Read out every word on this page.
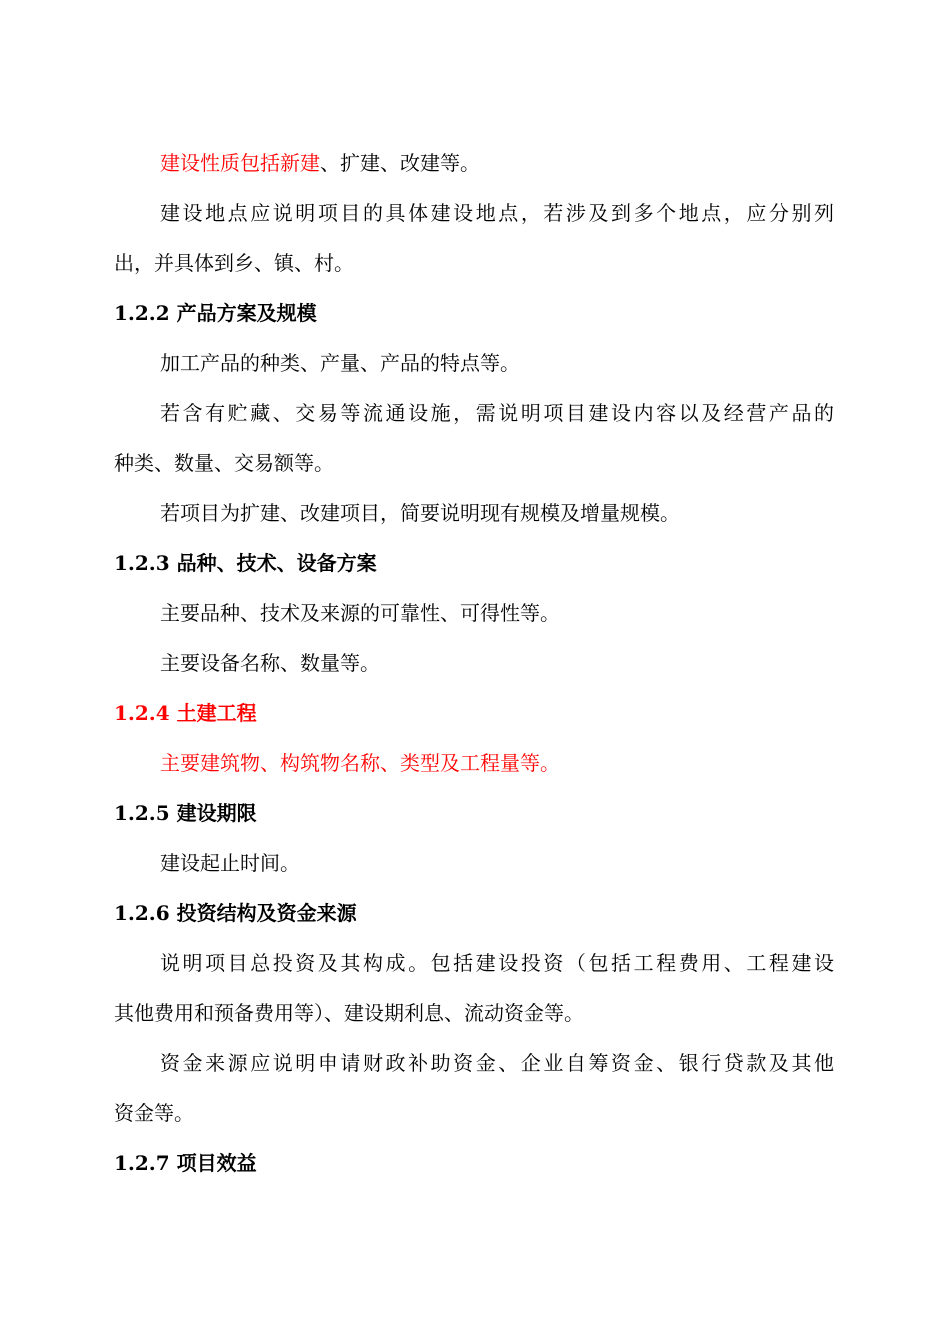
建设性质包括新建、扩建、改建等。
建设地点应说明项目的具体建设地点，若涉及到多个地点，应分别列
出，并具体到乡、镇、村。
1.2.2 产品方案及规模
加工产品的种类、产量、产品的特点等。
若含有贮藏、交易等流通设施，需说明项目建设内容以及经营产品的
种类、数量、交易额等。
若项目为扩建、改建项目，简要说明现有规模及增量规模。
1.2.3 品种、技术、设备方案
主要品种、技术及来源的可靠性、可得性等。
主要设备名称、数量等。
1.2.4 土建工程
主要建筑物、构筑物名称、类型及工程量等。
1.2.5 建设期限
建设起止时间。
1.2.6 投资结构及资金来源
说明项目总投资及其构成。包括建设投资（包括工程费用、工程建设
其他费用和预备费用等）、建设期利息、流动资金等。
资金来源应说明申请财政补助资金、企业自筹资金、银行贷款及其他
资金等。
1.2.7 项目效益
